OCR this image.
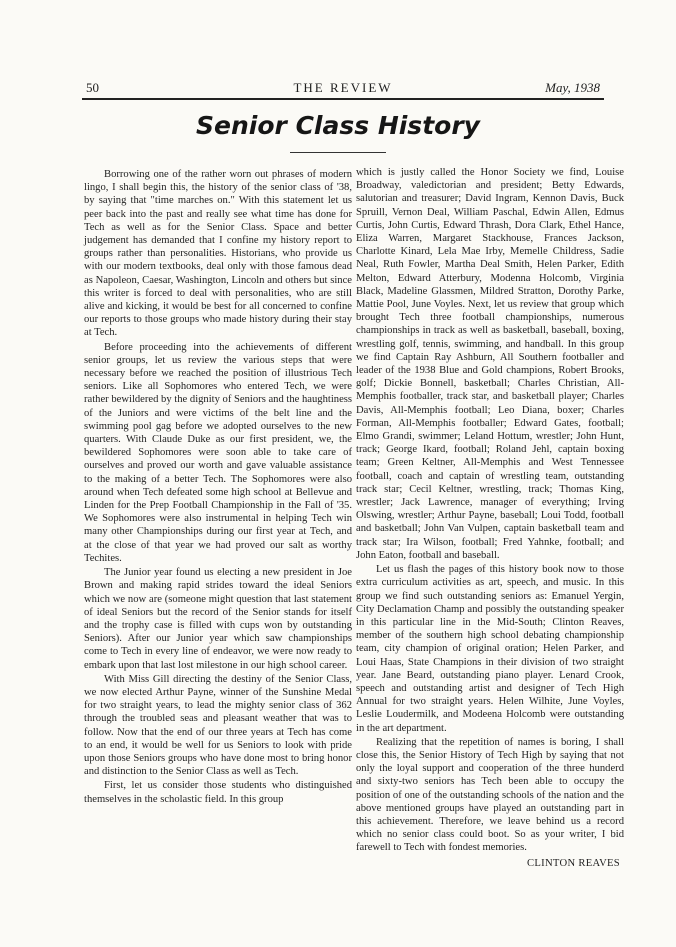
50	THE REVIEW	May, 1938
Senior Class History

Borrowing one of the rather worn out phrases of modern lingo, I shall begin this, the history of the senior class of '38, by saying that "time marches on." With this statement let us peer back into the past and really see what time has done for Tech as well as for the Senior Class. Space and better judgement has demanded that I confine my history report to groups rather than personalities. Historians, who provide us with our modern textbooks, deal only with those famous dead as Napoleon, Caesar, Washington, Lincoln and others but since this writer is forced to deal with personalities, who are still alive and kicking, it would be best for all concerned to confine our reports to those groups who made history during their stay at Tech.

Before proceeding into the achievements of different senior groups, let us review the various steps that were necessary before we reached the position of illustrious Tech seniors. Like all Sophomores who entered Tech, we were rather bewildered by the dignity of Seniors and the haughtiness of the Juniors and were victims of the belt line and the swimming pool gag before we adopted ourselves to the new quarters. With Claude Duke as our first president, we, the bewildered Sophomores were soon able to take care of ourselves and proved our worth and gave valuable assistance to the making of a better Tech. The Sophomores were also around when Tech defeated some high school at Bellevue and Linden for the Prep Football Championship in the Fall of '35. We Sophomores were also instrumental in helping Tech win many other Championships during our first year at Tech, and at the close of that year we had proved our salt as worthy Techites.

The Junior year found us electing a new president in Joe Brown and making rapid strides toward the ideal Seniors which we now are (someone might question that last statement of ideal Seniors but the record of the Senior stands for itself and the trophy case is filled with cups won by outstanding Seniors). After our Junior year which saw championships come to Tech in every line of endeavor, we were now ready to embark upon that last lost milestone in our high school career.

With Miss Gill directing the destiny of the Senior Class, we now elected Arthur Payne, winner of the Sunshine Medal for two straight years, to lead the mighty senior class of 362 through the troubled seas and pleasant weather that was to follow. Now that the end of our three years at Tech has come to an end, it would be well for us Seniors to look with pride upon those Seniors groups who have done most to bring honor and distinction to the Senior Class as well as Tech.

First, let us consider those students who distinguished themselves in the scholastic field. In this group

which is justly called the Honor Society we find, Louise Broadway, valedictorian and president; Betty Edwards, salutorian and treasurer; David Ingram, Kennon Davis, Buck Spruill, Vernon Deal, William Paschal, Edwin Allen, Edmus Curtis, John Curtis, Edward Thrash, Dora Clark, Ethel Hance, Eliza Warren, Margaret Stackhouse, Frances Jackson, Charlotte Kinard, Lela Mae Irby, Memelle Childress, Sadie Neal, Ruth Fowler, Martha Deal Smith, Helen Parker, Edith Melton, Edward Atterbury, Modenna Holcomb, Virginia Black, Madeline Glassmen, Mildred Stratton, Dorothy Parke, Mattie Pool, June Voyles. Next, let us review that group which brought Tech three football championships, numerous championships in track as well as basketball, baseball, boxing, wrestling golf, tennis, swimming, and handball. In this group we find Captain Ray Ashburn, All Southern footballer and leader of the 1938 Blue and Gold champions, Robert Brooks, golf; Dickie Bonnell, basketball; Charles Christian, All-Memphis footballer, track star, and basketball player; Charles Davis, All-Memphis football; Leo Diana, boxer; Charles Forman, All-Memphis footballer; Edward Gates, football; Elmo Grandi, swimmer; Leland Hottum, wrestler; John Hunt, track; George Ikard, football; Roland Jehl, captain boxing team; Green Keltner, All-Memphis and West Tennessee football, coach and captain of wrestling team, outstanding track star; Cecil Keltner, wrestling, track; Thomas King, wrestler; Jack Lawrence, manager of everything; Irving Olswing, wrestler; Arthur Payne, baseball; Loui Todd, football and basketball; John Van Vulpen, captain basketball team and track star; Ira Wilson, football; Fred Yahnke, football; and John Eaton, football and baseball.

Let us flash the pages of this history book now to those extra curriculum activities as art, speech, and music. In this group we find such outstanding seniors as: Emanuel Yergin, City Declamation Champ and possibly the outstanding speaker in this particular line in the Mid-South; Clinton Reaves, member of the southern high school debating championship team, city champion of original oration; Helen Parker, and Loui Haas, State Champions in their division of two straight year. Jane Beard, outstanding piano player. Lenard Crook, speech and outstanding artist and designer of Tech High Annual for two straight years. Helen Wilhite, June Voyles, Leslie Loudermilk, and Modeena Holcomb were outstanding in the art department.

Realizing that the repetition of names is boring, I shall close this, the Senior History of Tech High by saying that not only the loyal support and cooperation of the three hunderd and sixty-two seniors has Tech been able to occupy the position of one of the outstanding schools of the nation and the above mentioned groups have played an outstanding part in this achievement. Therefore, we leave behind us a record which no senior class could boot. So as your writer, I bid farewell to Tech with fondest memories.

CLINTON REAVES
